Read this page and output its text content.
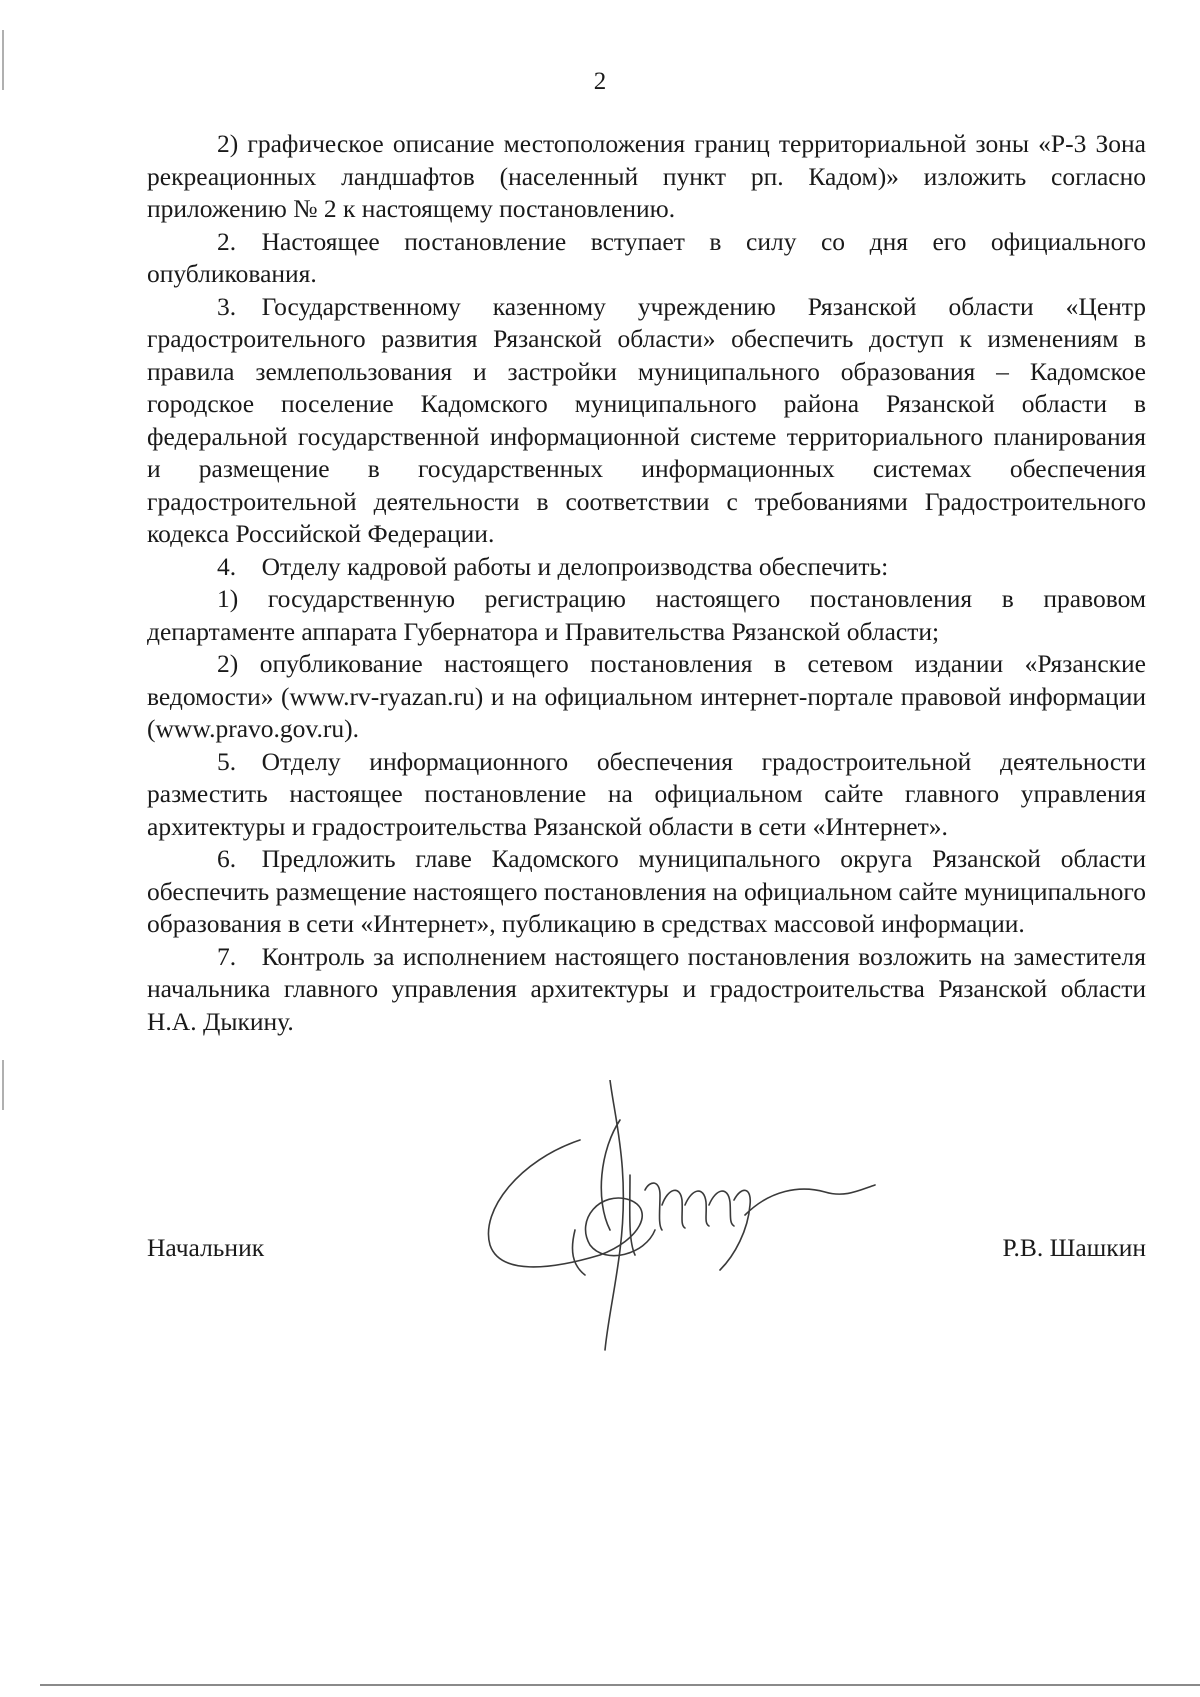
2

2) графическое описание местоположения границ территориальной зоны «Р-3 Зона рекреационных ландшафтов (населенный пункт рп. Кадом)» изложить согласно приложению № 2 к настоящему постановлению.

2. Настоящее постановление вступает в силу со дня его официального опубликования.

3. Государственному казенному учреждению Рязанской области «Центр градостроительного развития Рязанской области» обеспечить доступ к изменениям в правила землепользования и застройки муниципального образования – Кадомское городское поселение Кадомского муниципального района Рязанской области в федеральной государственной информационной системе территориального планирования и размещение в государственных информационных системах обеспечения градостроительной деятельности в соответствии с требованиями Градостроительного кодекса Российской Федерации.

4. Отделу кадровой работы и делопроизводства обеспечить:

1) государственную регистрацию настоящего постановления в правовом департаменте аппарата Губернатора и Правительства Рязанской области;

2) опубликование настоящего постановления в сетевом издании «Рязанские ведомости» (www.rv-ryazan.ru) и на официальном интернет-портале правовой информации (www.pravo.gov.ru).

5. Отделу информационного обеспечения градостроительной деятельности разместить настоящее постановление на официальном сайте главного управления архитектуры и градостроительства Рязанской области в сети «Интернет».

6. Предложить главе Кадомского муниципального округа Рязанской области обеспечить размещение настоящего постановления на официальном сайте муниципального образования в сети «Интернет», публикацию в средствах массовой информации.

7. Контроль за исполнением настоящего постановления возложить на заместителя начальника главного управления архитектуры и градостроительства Рязанской области Н.А. Дыкину.

Начальник	Р.В. Шашкин
